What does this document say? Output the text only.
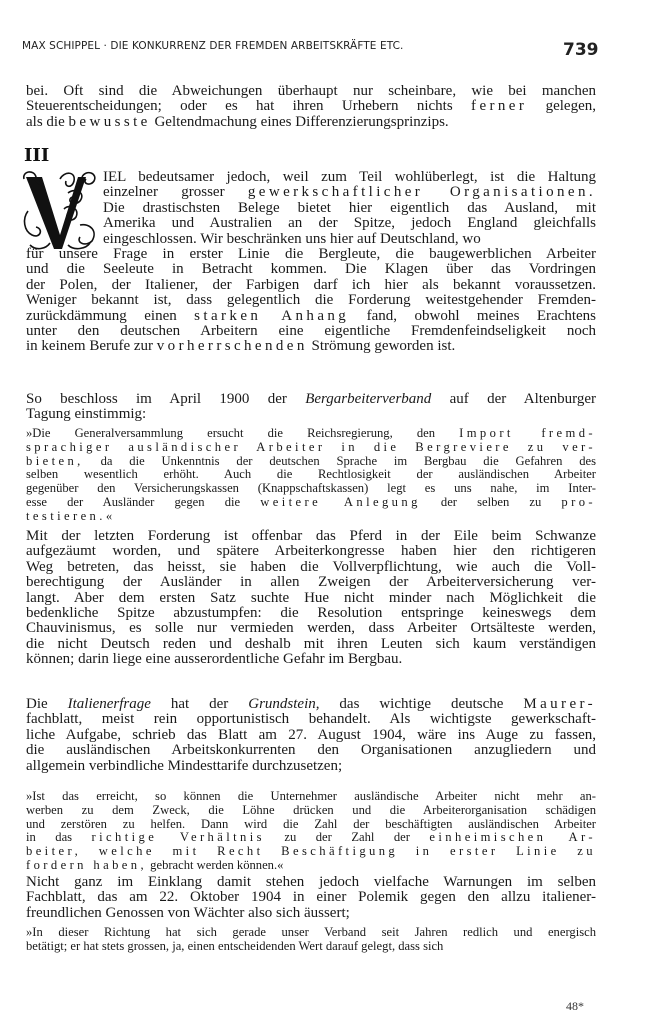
MAX SCHIPPEL · DIE KONKURRENZ DER FREMDEN ARBEITSKRÄFTE ETC.	739
bei. Oft sind die Abweichungen überhaupt nur scheinbare, wie bei manchen
Steuerentscheidungen; oder es hat ihren Urhebern nichts ferner gelegen,
als die bewusste Geltendmachung eines Differenzierungsprinzips.
III
IEL bedeutsamer jedoch, weil zum Teil wohlüberlegt, ist die Haltung
einzelner grosser gewerkschaftlicher Organisationen.
Die drastischsten Belege bietet hier eigentlich das Ausland, mit
Amerika und Australien an der Spitze, jedoch England gleichfalls
eingeschlossen. Wir beschränken uns hier auf Deutschland, wo
für unsere Frage in erster Linie die Bergleute, die baugewerblichen Arbeiter
und die Seeleute in Betracht kommen. Die Klagen über das Vordringen
der Polen, der Italiener, der Farbigen darf ich hier als bekannt voraussetzen.
Weniger bekannt ist, dass gelegentlich die Forderung weitestgehender Fremden-
zurückdämmung einen starken Anhang fand, obwohl meines Erachtens
unter den deutschen Arbeitern eine eigentliche Fremdenfeindseligkeit noch
in keinem Berufe zur vorherrschenden Strömung geworden ist.
So beschloss im April 1900 der Bergarbeiterverband auf der Altenburger
Tagung einstimmig:
»Die Generalversammlung ersucht die Reichsregierung, den Import fremd-
sprachiger ausländischer Arbeiter in die Bergreviere zu ver-
bieten, da die Unkenntnis der deutschen Sprache im Bergbau die Gefahren des
selben wesentlich erhöht. Auch die Rechtlosigkeit der ausländischen Arbeiter
gegenüber den Versicherungskassen (Knappschaftskassen) legt es uns nahe, im Inter-
esse der Ausländer gegen die weitere Anlegung der selben zu pro-
testieren.«
Mit der letzten Forderung ist offenbar das Pferd in der Eile beim Schwanze
aufgezäumt worden, und spätere Arbeiterkongresse haben hier den richtigeren
Weg betreten, das heisst, sie haben die Vollverpflichtung, wie auch die Voll-
berechtigung der Ausländer in allen Zweigen der Arbeiterversicherung ver-
langt. Aber dem ersten Satz suchte Hue nicht minder nach Möglichkeit die
bedenkliche Spitze abzustumpfen: die Resolution entspringe keineswegs dem
Chauvinismus, es solle nur vermieden werden, dass Arbeiter Ortsälteste werden,
die nicht Deutsch reden und deshalb mit ihren Leuten sich kaum verständigen
können; darin liege eine ausserordentliche Gefahr im Bergbau.
Die Italienerfrage hat der Grundstein, das wichtige deutsche Maurer-
fachblatt, meist rein opportunistisch behandelt. Als wichtigste gewerkschaft-
liche Aufgabe, schrieb das Blatt am 27. August 1904, wäre ins Auge zu fassen,
die ausländischen Arbeitskonkurrenten den Organisationen anzugliedern und
allgemein verbindliche Mindesttarife durchzusetzen;
»Ist das erreicht, so können die Unternehmer ausländische Arbeiter nicht mehr an-
werben zu dem Zweck, die Löhne drücken und die Arbeiterorganisation schädigen
und zerstören zu helfen. Dann wird die Zahl der beschäftigten ausländischen Arbeiter
in das richtige Verhältnis zu der Zahl der einheimischen Ar-
beiter, welche mit Recht Beschäftigung in erster Linie zu
fordern haben, gebracht werden können.«
Nicht ganz im Einklang damit stehen jedoch vielfache Warnungen im selben
Fachblatt, das am 22. Oktober 1904 in einer Polemik gegen den allzu italiener-
freundlichen Genossen von Wächter also sich äussert;
»In dieser Richtung hat sich gerade unser Verband seit Jahren redlich und energisch
betätigt; er hat stets grossen, ja, einen entscheidenden Wert darauf gelegt, dass sich
48*
